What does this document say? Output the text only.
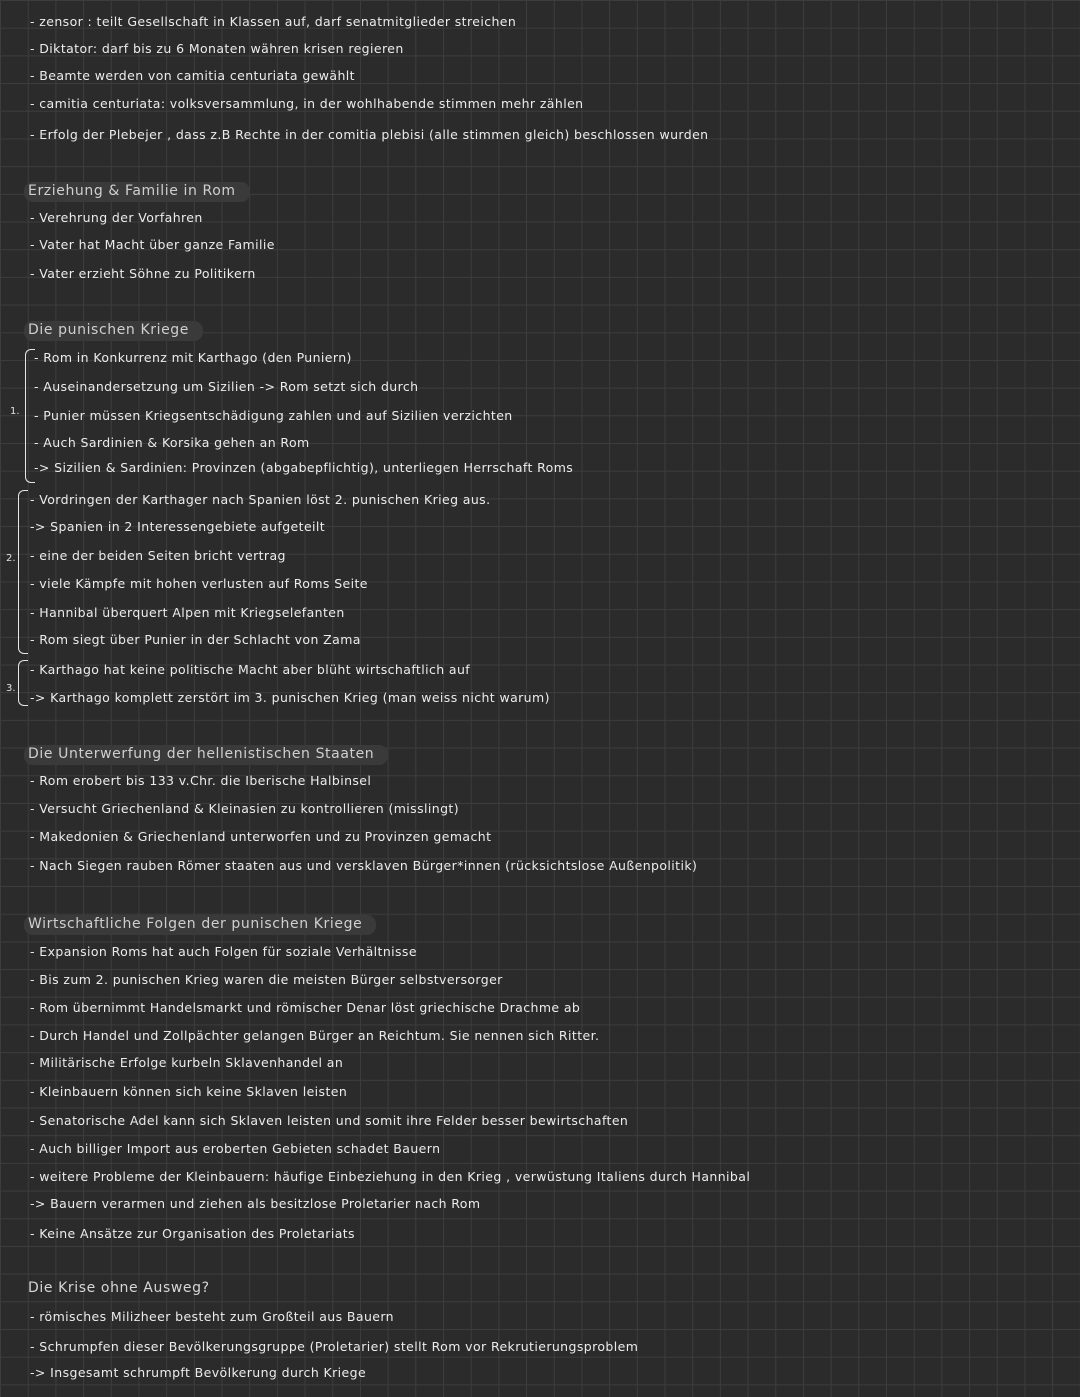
- zensor : teilt Gesellschaft in Klassen auf, darf senatmitglieder streichen
- Diktator: darf bis zu 6 Monaten währen krisen regieren
- Beamte werden von camitia centuriata gewählt
- camitia centuriata: volksversammlung, in der wohlhabende stimmen mehr zählen
- Erfolg der Plebejer , dass z.B Rechte in der comitia plebisi (alle stimmen gleich) beschlossen wurden
Erziehung & Familie in Rom
- Verehrung der Vorfahren
- Vater hat Macht über ganze Familie
- Vater erzieht Söhne zu Politikern
Die punischen Kriege
1.
2.
3.
- Rom in Konkurrenz mit Karthago (den Puniern)
- Auseinandersetzung um Sizilien -> Rom setzt sich durch
- Punier müssen Kriegsentschädigung zahlen und auf Sizilien verzichten
- Auch Sardinien & Korsika gehen an Rom
-> Sizilien & Sardinien: Provinzen (abgabepflichtig), unterliegen Herrschaft Roms
- Vordringen der Karthager nach Spanien löst 2. punischen Krieg aus.
-> Spanien in 2 Interessengebiete aufgeteilt
- eine der beiden Seiten bricht vertrag
- viele Kämpfe mit hohen verlusten auf Roms Seite
- Hannibal überquert Alpen mit Kriegselefanten
- Rom siegt über Punier in der Schlacht von Zama
- Karthago hat keine politische Macht aber blüht wirtschaftlich auf
-> Karthago komplett zerstört im 3. punischen Krieg (man weiss nicht warum)
Die Unterwerfung der hellenistischen Staaten
- Rom erobert bis 133 v.Chr. die Iberische Halbinsel
- Versucht Griechenland & Kleinasien zu kontrollieren (misslingt)
- Makedonien & Griechenland unterworfen und zu Provinzen gemacht
- Nach Siegen rauben Römer staaten aus und versklaven Bürger*innen (rücksichtslose Außenpolitik)
Wirtschaftliche Folgen der punischen Kriege
- Expansion Roms hat auch Folgen für soziale Verhältnisse
- Bis zum 2. punischen Krieg waren die meisten Bürger selbstversorger
- Rom übernimmt Handelsmarkt und römischer Denar löst griechische Drachme ab
- Durch Handel und Zollpächter gelangen Bürger an Reichtum. Sie nennen sich Ritter.
- Militärische Erfolge kurbeln Sklavenhandel an
- Kleinbauern können sich keine Sklaven leisten
- Senatorische Adel kann sich Sklaven leisten und somit ihre Felder besser bewirtschaften
- Auch billiger Import aus eroberten Gebieten schadet Bauern
- weitere Probleme der Kleinbauern: häufige Einbeziehung in den Krieg , verwüstung Italiens durch Hannibal
-> Bauern verarmen und ziehen als besitzlose Proletarier nach Rom
- Keine Ansätze zur Organisation des Proletariats
Die Krise ohne Ausweg?
- römisches Milizheer besteht zum Großteil aus Bauern
- Schrumpfen dieser Bevölkerungsgruppe (Proletarier) stellt Rom vor Rekrutierungsproblem
-> Insgesamt schrumpft Bevölkerung durch Kriege
